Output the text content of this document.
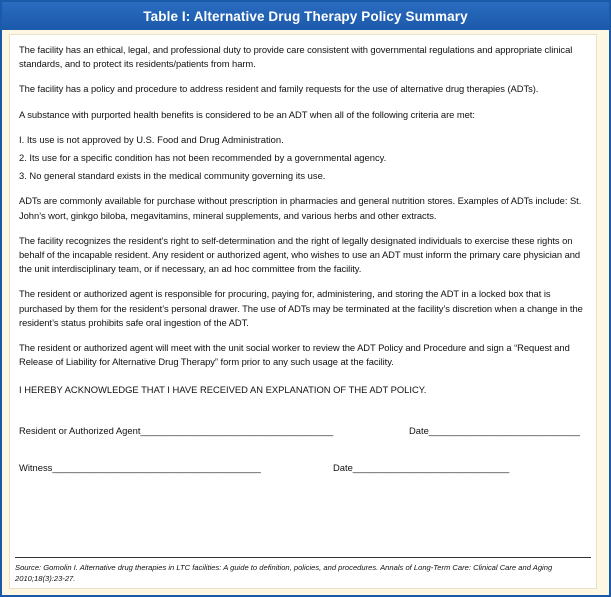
Table I: Alternative Drug Therapy Policy Summary

The facility has an ethical, legal, and professional duty to provide care consistent with governmental regulations and appropriate clinical standards, and to protect its residents/patients from harm.

The facility has a policy and procedure to address resident and family requests for the use of alternative drug therapies (ADTs).

A substance with purported health benefits is considered to be an ADT when all of the following criteria are met:

I. Its use is not approved by U.S. Food and Drug Administration.

2. Its use for a specific condition has not been recommended by a governmental agency.

3. No general standard exists in the medical community governing its use.

ADTs are commonly available for purchase without prescription in pharmacies and general nutrition stores. Examples of ADTs include: St. John’s wort, ginkgo biloba, megavitamins, mineral supplements, and various herbs and other extracts.

The facility recognizes the resident’s right to self-determination and the right of legally designated individuals to exercise these rights on behalf of the incapable resident. Any resident or authorized agent, who wishes to use an ADT must inform the primary care physician and the unit interdisciplinary team, or if necessary, an ad hoc committee from the facility.

The resident or authorized agent is responsible for procuring, paying for, administering, and storing the ADT in a locked box that is purchased by them for the resident’s personal drawer. The use of ADTs may be terminated at the facility’s discretion when a change in the resident’s status prohibits safe oral ingestion of the ADT.

The resident or authorized agent will meet with the unit social worker to review the ADT Policy and Procedure and sign a “Request and Release of Liability for Alternative Drug Therapy” form prior to any such usage at the facility.

I HEREBY ACKNOWLEDGE THAT I HAVE RECEIVED AN EXPLANATION OF THE ADT POLICY.

Resident or Authorized Agent_____________________________________	Date_____________________________
Witness________________________________________	Date______________________________
Source: Gomolin I. Alternative drug therapies in LTC facilities: A guide to definition, policies, and procedures. Annals of Long-Term Care: Clinical Care and Aging 2010;18(3):23-27.
